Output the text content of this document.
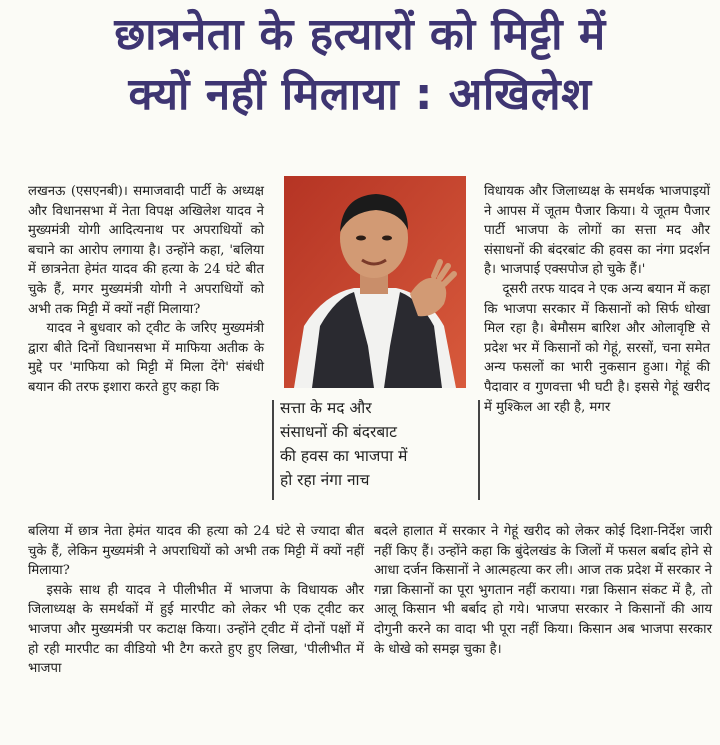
छात्रनेता के हत्यारों को मिट्टी में
क्यों नहीं मिलाया : अखिलेश

लखनऊ (एसएनबी)। समाजवादी पार्टी के अध्यक्ष और विधानसभा में नेता विपक्ष अखिलेश यादव ने मुख्यमंत्री योगी आदित्यनाथ पर अपराधियों को बचाने का आरोप लगाया है। उन्होंने कहा, 'बलिया में छात्रनेता हेमंत यादव की हत्या के 24 घंटे बीत चुके हैं, मगर मुख्यमंत्री योगी ने अपराधियों को अभी तक मिट्टी में क्यों नहीं मिलाया?

यादव ने बुधवार को ट्वीट के जरिए मुख्यमंत्री द्वारा बीते दिनों विधानसभा में माफिया अतीक के मुद्दे पर 'माफिया को मिट्टी में मिला देंगे' संबंधी बयान की तरफ इशारा करते हुए कहा कि

सत्ता के मद और
संसाधनों की बंदरबाट
की हवस का भाजपा में
हो रहा नंगा नाच

विधायक और जिलाध्यक्ष के समर्थक भाजपाइयों ने आपस में जूतम पैजार किया। ये जूतम पैजार पार्टी भाजपा के लोगों का सत्ता मद और संसाधनों की बंदरबांट की हवस का नंगा प्रदर्शन है। भाजपाई एक्सपोज हो चुके हैं।'

दूसरी तरफ यादव ने एक अन्य बयान में कहा कि भाजपा सरकार में किसानों को सिर्फ धोखा मिल रहा है। बेमौसम बारिश और ओलावृष्टि से प्रदेश भर में किसानों को गेहूं, सरसों, चना समेत अन्य फसलों का भारी नुकसान हुआ। गेहूं की पैदावार व गुणवत्ता भी घटी है। इससे गेहूं खरीद में मुश्किल आ रही है, मगर

बलिया में छात्र नेता हेमंत यादव की हत्या को 24 घंटे से ज्यादा बीत चुके हैं, लेकिन मुख्यमंत्री ने अपराधियों को अभी तक मिट्टी में क्यों नहीं मिलाया?

इसके साथ ही यादव ने पीलीभीत में भाजपा के विधायक और जिलाध्यक्ष के समर्थकों में हुई मारपीट को लेकर भी एक ट्वीट कर भाजपा और मुख्यमंत्री पर कटाक्ष किया। उन्होंने ट्वीट में दोनों पक्षों में हो रही मारपीट का वीडियो भी टैग करते हुए हुए लिखा, 'पीलीभीत में भाजपा

बदले हालात में सरकार ने गेहूं खरीद को लेकर कोई दिशा-निर्देश जारी नहीं किए हैं। उन्होंने कहा कि बुंदेलखंड के जिलों में फसल बर्बाद होने से आधा दर्जन किसानों ने आत्महत्या कर ली। आज तक प्रदेश में सरकार ने गन्ना किसानों का पूरा भुगतान नहीं कराया। गन्ना किसान संकट में है, तो आलू किसान भी बर्बाद हो गये। भाजपा सरकार ने किसानों की आय दोगुनी करने का वादा भी पूरा नहीं किया। किसान अब भाजपा सरकार के धोखे को समझ चुका है।
